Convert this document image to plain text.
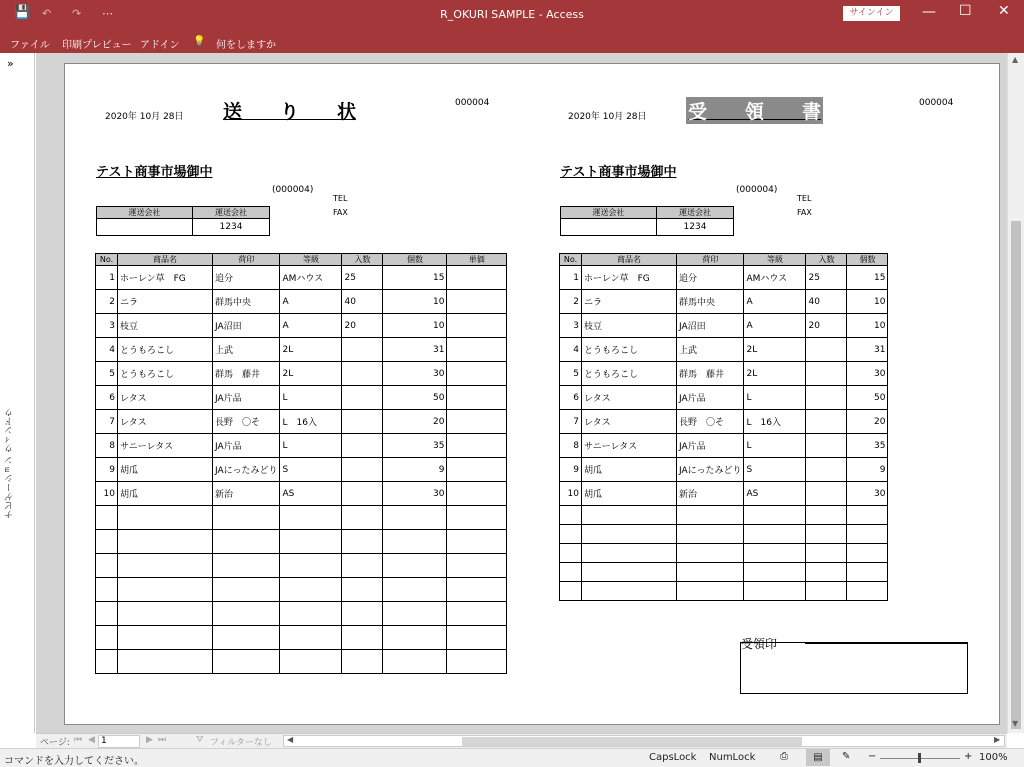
💾 ↶ ↷ ⋯	R_OKURI SAMPLE - Access	サインイン	— ☐ ✕
ファイル 印刷プレビュー アドイン 💡 何をしますか
»
ナビゲーション ウィンドウ
2020年 10月 28日 送　　り　　状	000004
テスト商事市場御中
(000004)
TEL
FAX
運送会社	運送会社
	1234
No.	商品名	荷印	等級	入数	個数	単価
1	ホーレン草　FG	追分	AMハウス	25	15	
2	ニラ	群馬中央	A	40	10	
3	枝豆	JA沼田	A	20	10	
4	とうもろこし	上武	2L		31	
5	とうもろこし	群馬　藤井	2L		30	
6	レタス	JA片品	L		50	
7	レタス	長野　〇そ	L　16入		20	
8	サニーレタス	JA片品	L		35	
9	胡瓜	JAにったみどり	S		9	
10	胡瓜	新治	AS		30	

2020年 10月 28日 受　　領　　書	000004
テスト商事市場御中
(000004)
TEL
FAX
運送会社	運送会社
	1234
No.	商品名	荷印	等級	入数	個数	
1	ホーレン草　FG	追分	AMハウス	25	15	
2	ニラ	群馬中央	A	40	10	
3	枝豆	JA沼田	A	20	10	
4	とうもろこし	上武	2L		31	
5	とうもろこし	群馬　藤井	2L		30	
6	レタス	JA片品	L		50	
7	レタス	長野　〇そ	L　16入		20	
8	サニーレタス	JA片品	L		35	
9	胡瓜	JAにったみどり	S		9	
10	胡瓜	新治	AS		30	

受領印
▲
▼
ページ: ⏮ ◀ 1	▶ ⏭	⛛ フィルターなし ◀	▶
コマンドを入力してください。	CapsLock NumLock ⎙	▤	✎ −	+ 100%
